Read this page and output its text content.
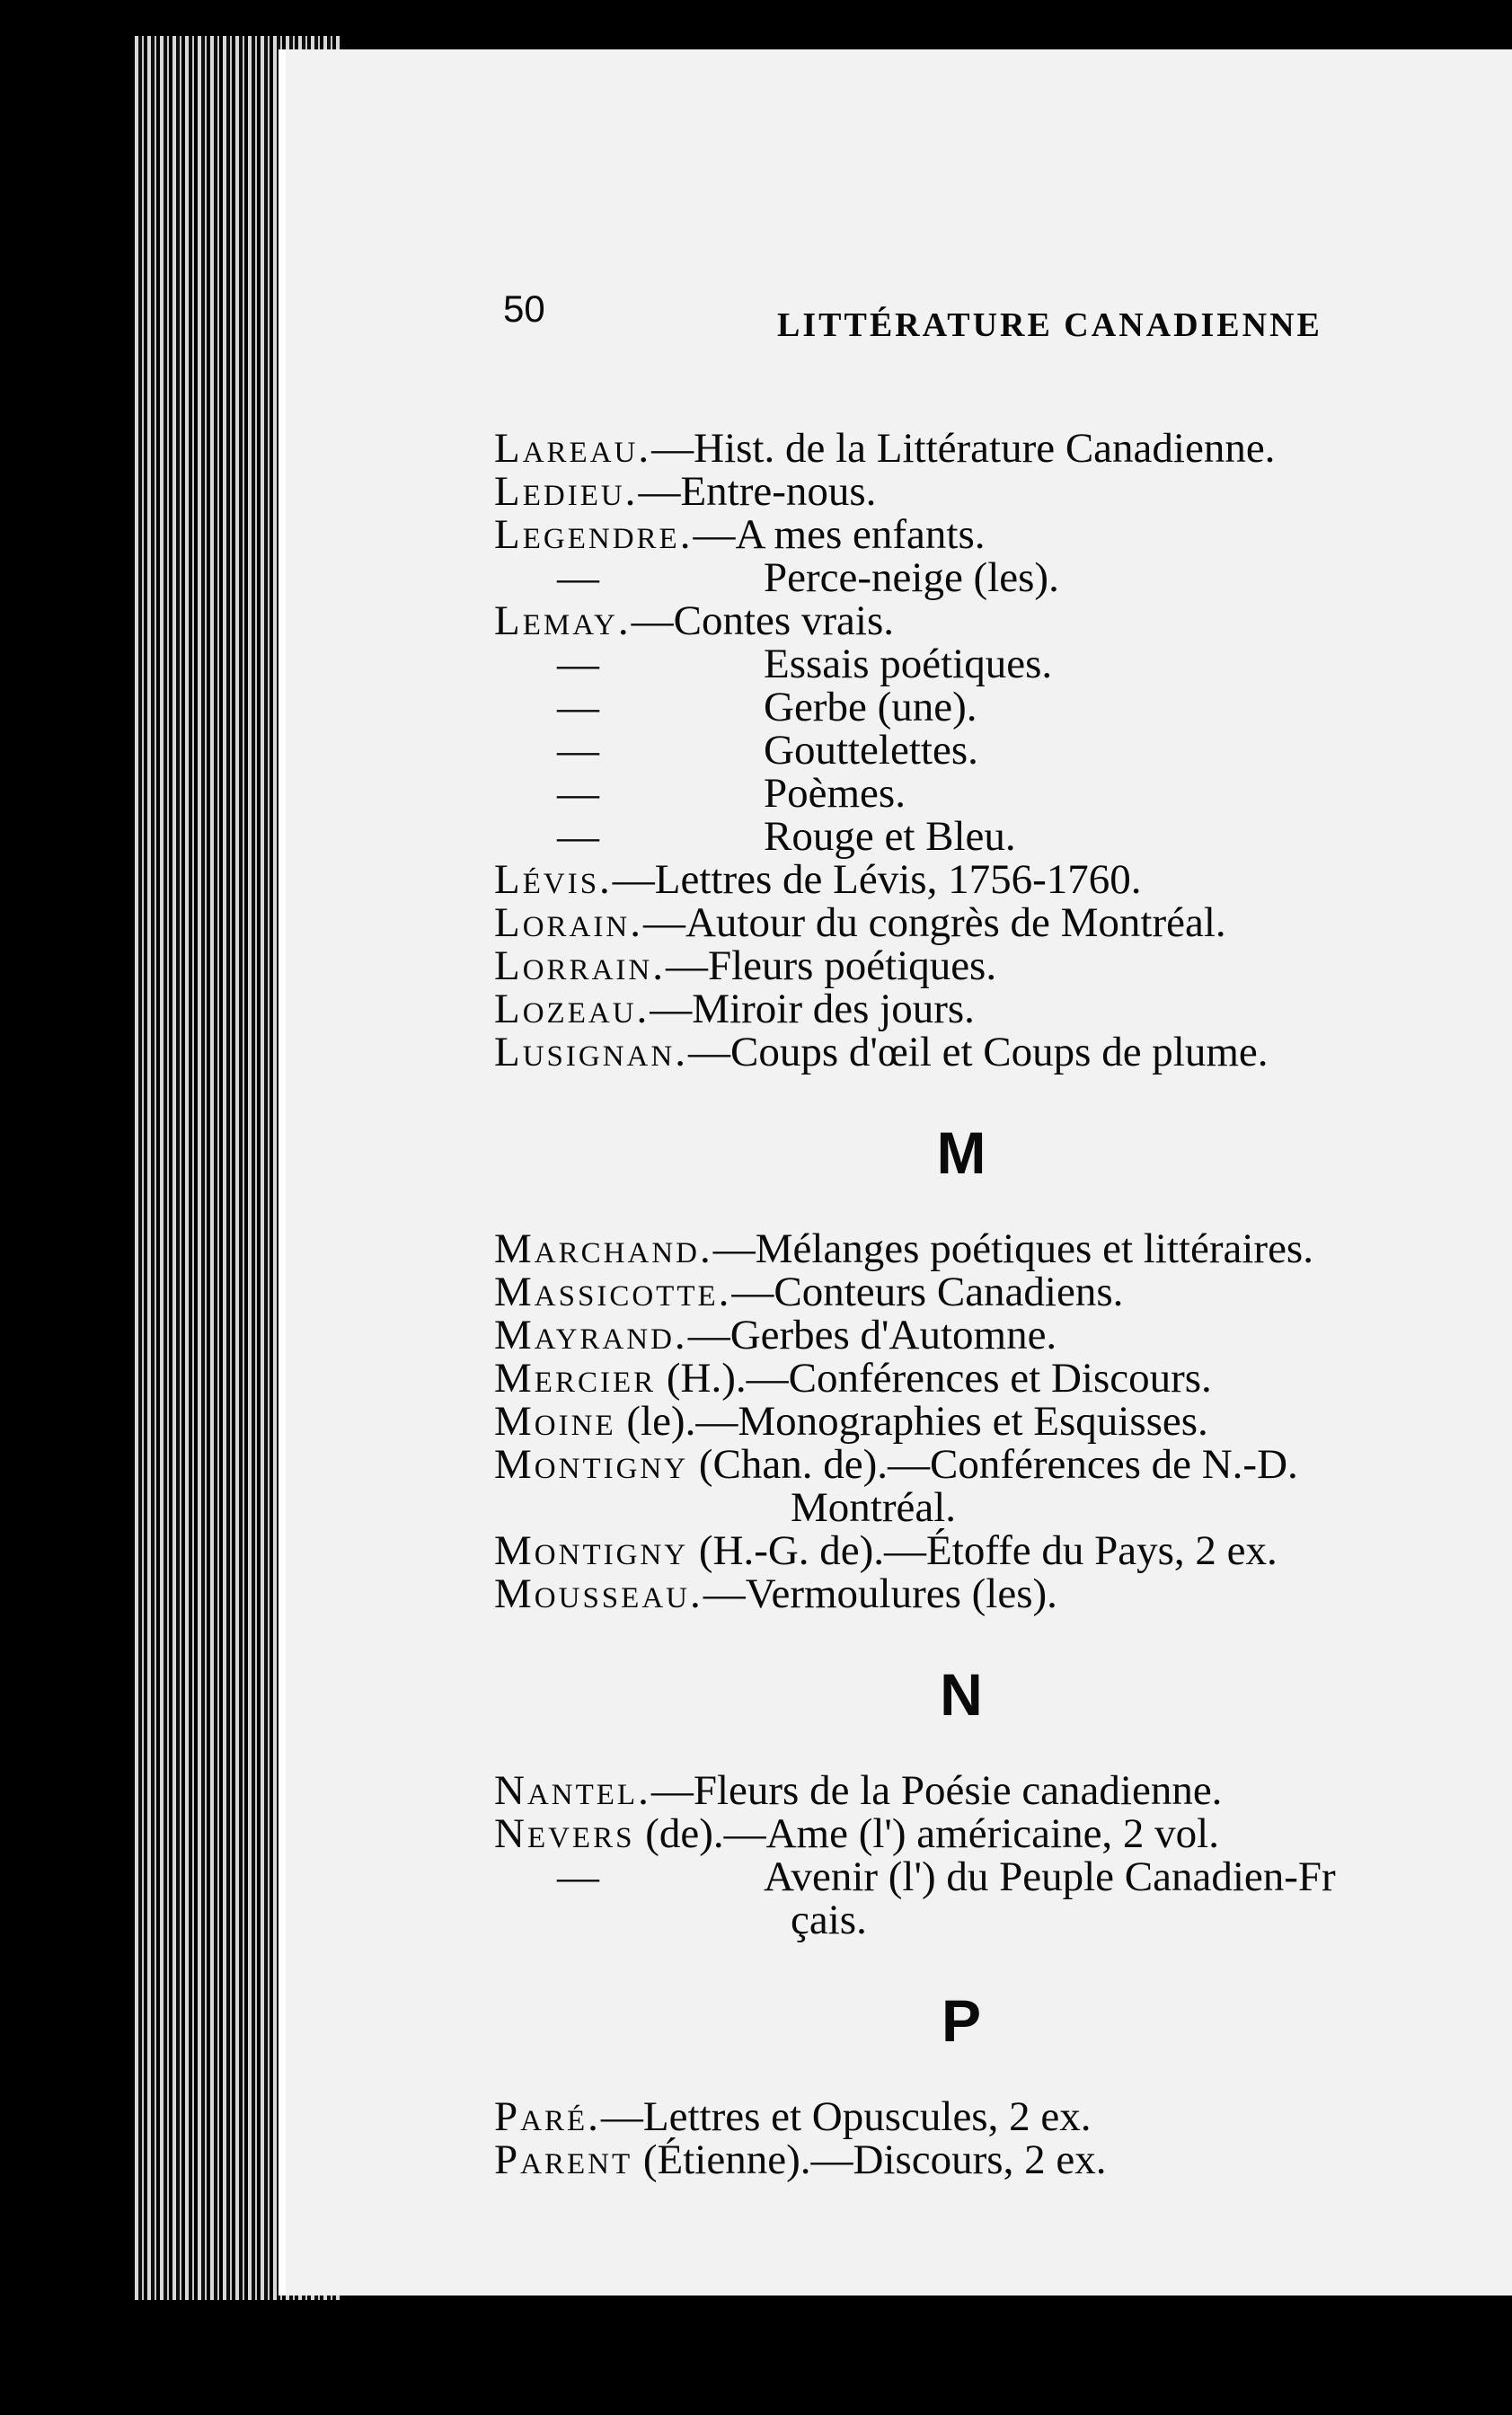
50	LITTÉRATURE CANADIENNE
Lareau.—Hist. de la Littérature Canadienne.
Ledieu.—Entre-nous.
Legendre.—A mes enfants.
—	Perce-neige (les).
Lemay.—Contes vrais.
—	Essais poétiques.
—	Gerbe (une).
—	Gouttelettes.
—	Poèmes.
—	Rouge et Bleu.
Lévis.—Lettres de Lévis, 1756-1760.
Lorain.—Autour du congrès de Montréal.
Lorrain.—Fleurs poétiques.
Lozeau.—Miroir des jours.
Lusignan.—Coups d'œil et Coups de plume.
M
Marchand.—Mélanges poétiques et littéraires.
Massicotte.—Conteurs Canadiens.
Mayrand.—Gerbes d'Automne.
Mercier (H.).—Conférences et Discours.
Moine (le).—Monographies et Esquisses.
Montigny (Chan. de).—Conférences de N.-D.
Montréal.
Montigny (H.-G. de).—Étoffe du Pays, 2 ex.
Mousseau.—Vermoulures (les).
N
Nantel.—Fleurs de la Poésie canadienne.
Nevers (de).—Ame (l') américaine, 2 vol.
—	Avenir (l') du Peuple Canadien-Fr
çais.
P
Paré.—Lettres et Opuscules, 2 ex.
Parent (Étienne).—Discours, 2 ex.
